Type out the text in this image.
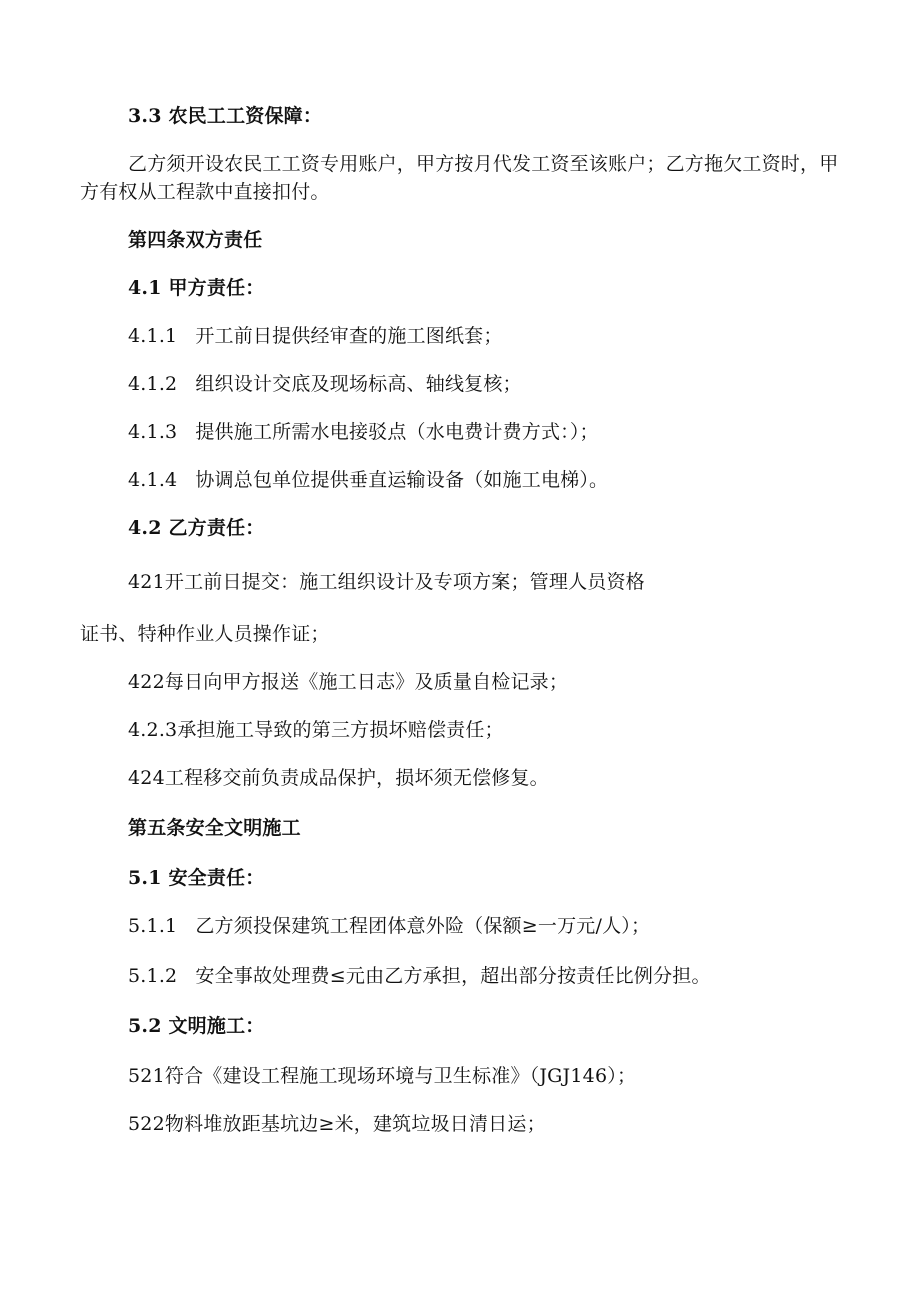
3.3 农民工工资保障：
乙方须开设农民工工资专用账户，甲方按月代发工资至该账户；乙方拖欠工资时，甲
方有权从工程款中直接扣付。
第四条双方责任
4.1 甲方责任：
4.1.1 开工前日提供经审查的施工图纸套；
4.1.2 组织设计交底及现场标高、轴线复核；
4.1.3 提供施工所需水电接驳点（水电费计费方式：）；
4.1.4 协调总包单位提供垂直运输设备（如施工电梯）。
4.2 乙方责任：
421开工前日提交：施工组织设计及专项方案；管理人员资格
证书、特种作业人员操作证；
422每日向甲方报送《施工日志》及质量自检记录；
4.2.3承担施工导致的第三方损坏赔偿责任；
424工程移交前负责成品保护，损坏须无偿修复。
第五条安全文明施工
5.1 安全责任：
5.1.1 乙方须投保建筑工程团体意外险（保额≥一万元/人）；
5.1.2 安全事故处理费≤元由乙方承担，超出部分按责任比例分担。
5.2 文明施工：
521符合《建设工程施工现场环境与卫生标准》（JGJ146）；
522物料堆放距基坑边≥米，建筑垃圾日清日运；
